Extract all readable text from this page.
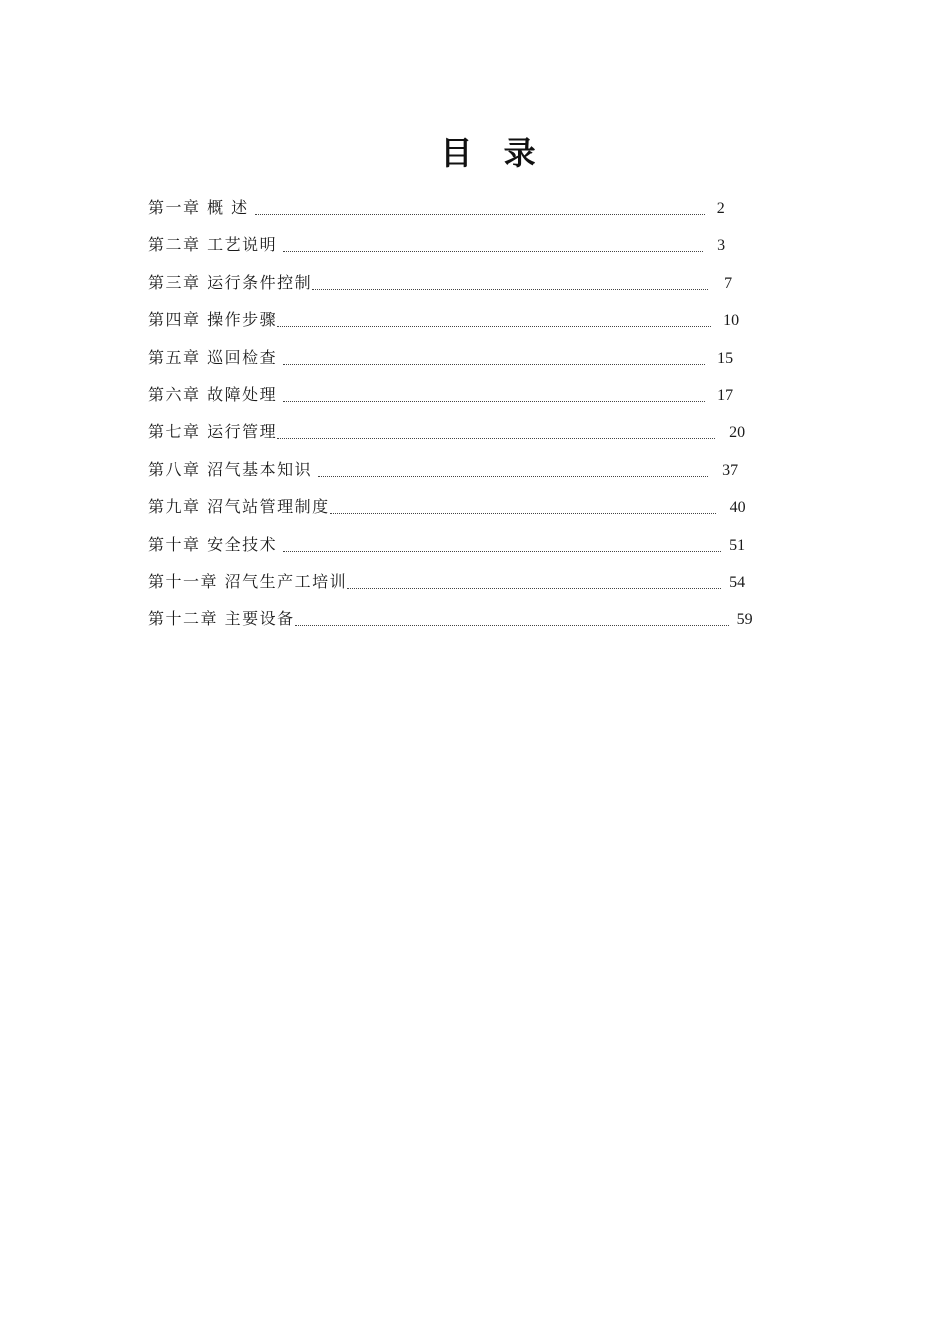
目 录
第一章 概 述	2
第二章 工艺说明	3
第三章 运行条件控制	7
第四章 操作步骤	10
第五章 巡回检查	15
第六章 故障处理	17
第七章 运行管理	20
第八章 沼气基本知识	37
第九章 沼气站管理制度	40
第十章 安全技术	51
第十一章 沼气生产工培训	54
第十二章 主要设备	59
